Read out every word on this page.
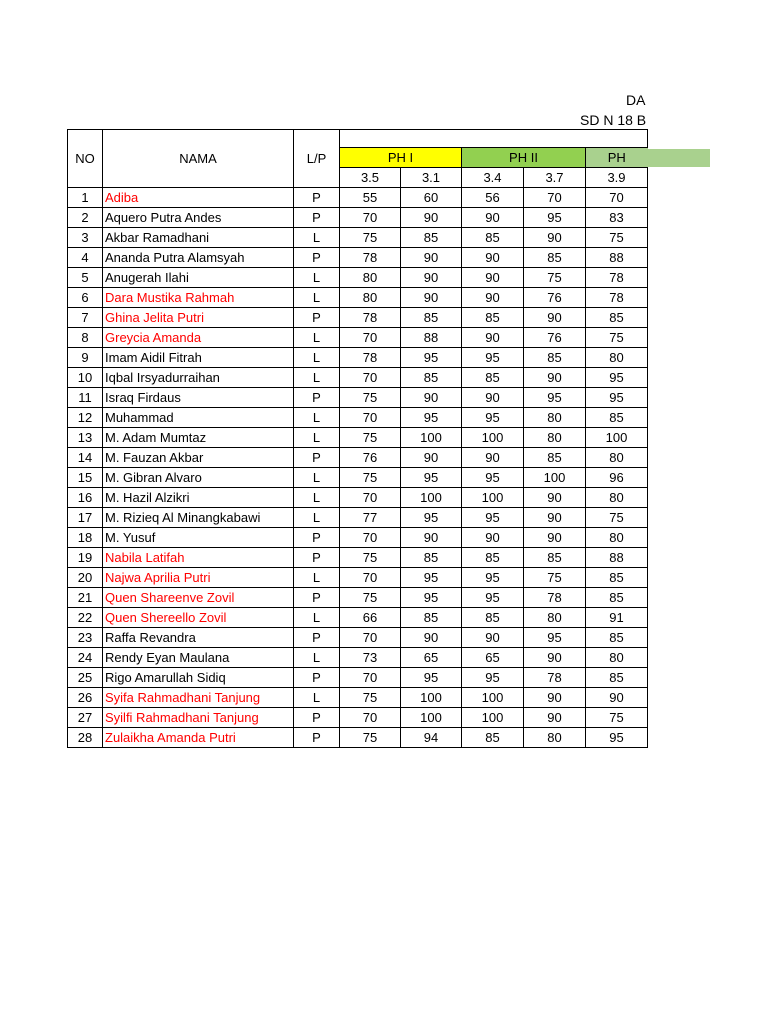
DA
SD N 18 B
NO	NAMA	L/P					
			PH I		PH II		PH
			3.5	3.1	3.4	3.7	3.9
1	Adiba	P	55	60	56	70	70
2	Aquero Putra Andes	P	70	90	90	95	83
3	Akbar Ramadhani	L	75	85	85	90	75
4	Ananda Putra Alamsyah	P	78	90	90	85	88
5	Anugerah Ilahi	L	80	90	90	75	78
6	Dara Mustika Rahmah	L	80	90	90	76	78
7	Ghina Jelita Putri	P	78	85	85	90	85
8	Greycia Amanda	L	70	88	90	76	75
9	Imam Aidil Fitrah	L	78	95	95	85	80
10	Iqbal Irsyadurraihan	L	70	85	85	90	95
11	Israq Firdaus	P	75	90	90	95	95
12	Muhammad	L	70	95	95	80	85
13	M. Adam Mumtaz	L	75	100	100	80	100
14	M. Fauzan Akbar	P	76	90	90	85	80
15	M. Gibran Alvaro	L	75	95	95	100	96
16	M. Hazil Alzikri	L	70	100	100	90	80
17	M. Rizieq Al Minangkabawi	L	77	95	95	90	75
18	M. Yusuf	P	70	90	90	90	80
19	Nabila Latifah	P	75	85	85	85	88
20	Najwa Aprilia Putri	L	70	95	95	75	85
21	Quen Shareenve Zovil	P	75	95	95	78	85
22	Quen Shereello Zovil	L	66	85	85	80	91
23	Raffa Revandra	P	70	90	90	95	85
24	Rendy Eyan Maulana	L	73	65	65	90	80
25	Rigo Amarullah Sidiq	P	70	95	95	78	85
26	Syifa Rahmadhani Tanjung	L	75	100	100	90	90
27	Syilfi Rahmadhani Tanjung	P	70	100	100	90	75
28	Zulaikha Amanda Putri	P	75	94	85	80	95
